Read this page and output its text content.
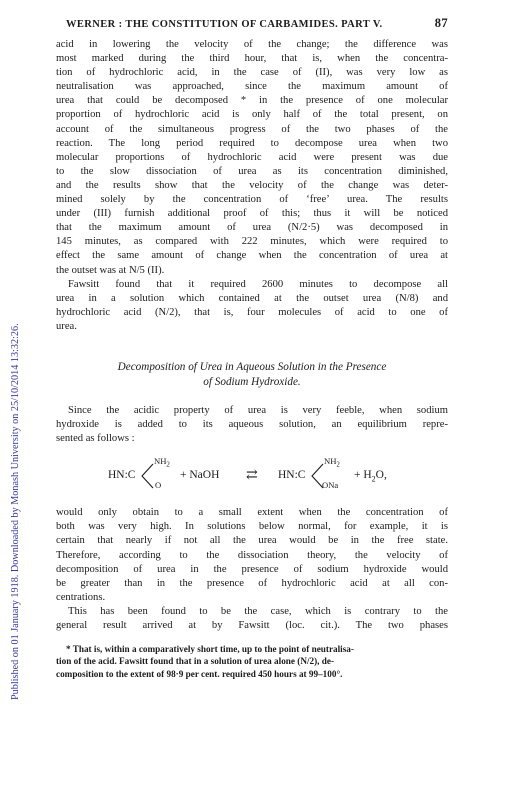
Published on 01 January 1918. Downloaded by Monash University on 25/10/2014 13:32:26.
WERNER : THE CONSTITUTION OF CARBAMIDES. PART V.	87
acid in lowering the velocity of the change; the difference was
most marked during the third hour, that is, when the concentra-
tion of hydrochloric acid, in the case of (II), was very low as
neutralisation was approached, since the maximum amount of
urea that could be decomposed * in the presence of one molecular
proportion of hydrochloric acid is only half of the total present, on
account of the simultaneous progress of the two phases of the
reaction. The long period required to decompose urea when two
molecular proportions of hydrochloric acid were present was due
to the slow dissociation of urea as its concentration diminished,
and the results show that the velocity of the change was deter-
mined solely by the concentration of ‘free’ urea. The results
under (III) furnish additional proof of this; thus it will be noticed
that the maximum amount of urea (N/2·5) was decomposed in
145 minutes, as compared with 222 minutes, which were required to
effect the same amount of change when the concentration of urea at
the outset was at N/5 (II).
Fawsitt found that it required 2600 minutes to decompose all
urea in a solution which contained at the outset urea (N/8) and
hydrochloric acid (N/2), that is, four molecules of acid to one of
urea.
Decomposition of Urea in Aqueous Solution in the Presence
of Sodium Hydroxide.
Since the acidic property of urea is very feeble, when sodium
hydroxide is added to its aqueous solution, an equilibrium repre-
sented as follows :
HN:C
$NH_2$
O
+ NaOH ⇄ HN:C
$NH_2$
ONa
+ $H_2O$,
would only obtain to a small extent when the concentration of
both was very high. In solutions below normal, for example, it is
certain that nearly if not all the urea would be in the free state.
Therefore, according to the dissociation theory, the velocity of
decomposition of urea in the presence of sodium hydroxide would
be greater than in the presence of hydrochloric acid at all con-
centrations.
This has been found to be the case, which is contrary to the
general result arrived at by Fawsitt (loc. cit.). The two phases
* That is, within a comparatively short time, up to the point of neutralisa-
tion of the acid. Fawsitt found that in a solution of urea alone (N/2), de-
composition to the extent of 98·9 per cent. required 450 hours at 99–100°.
